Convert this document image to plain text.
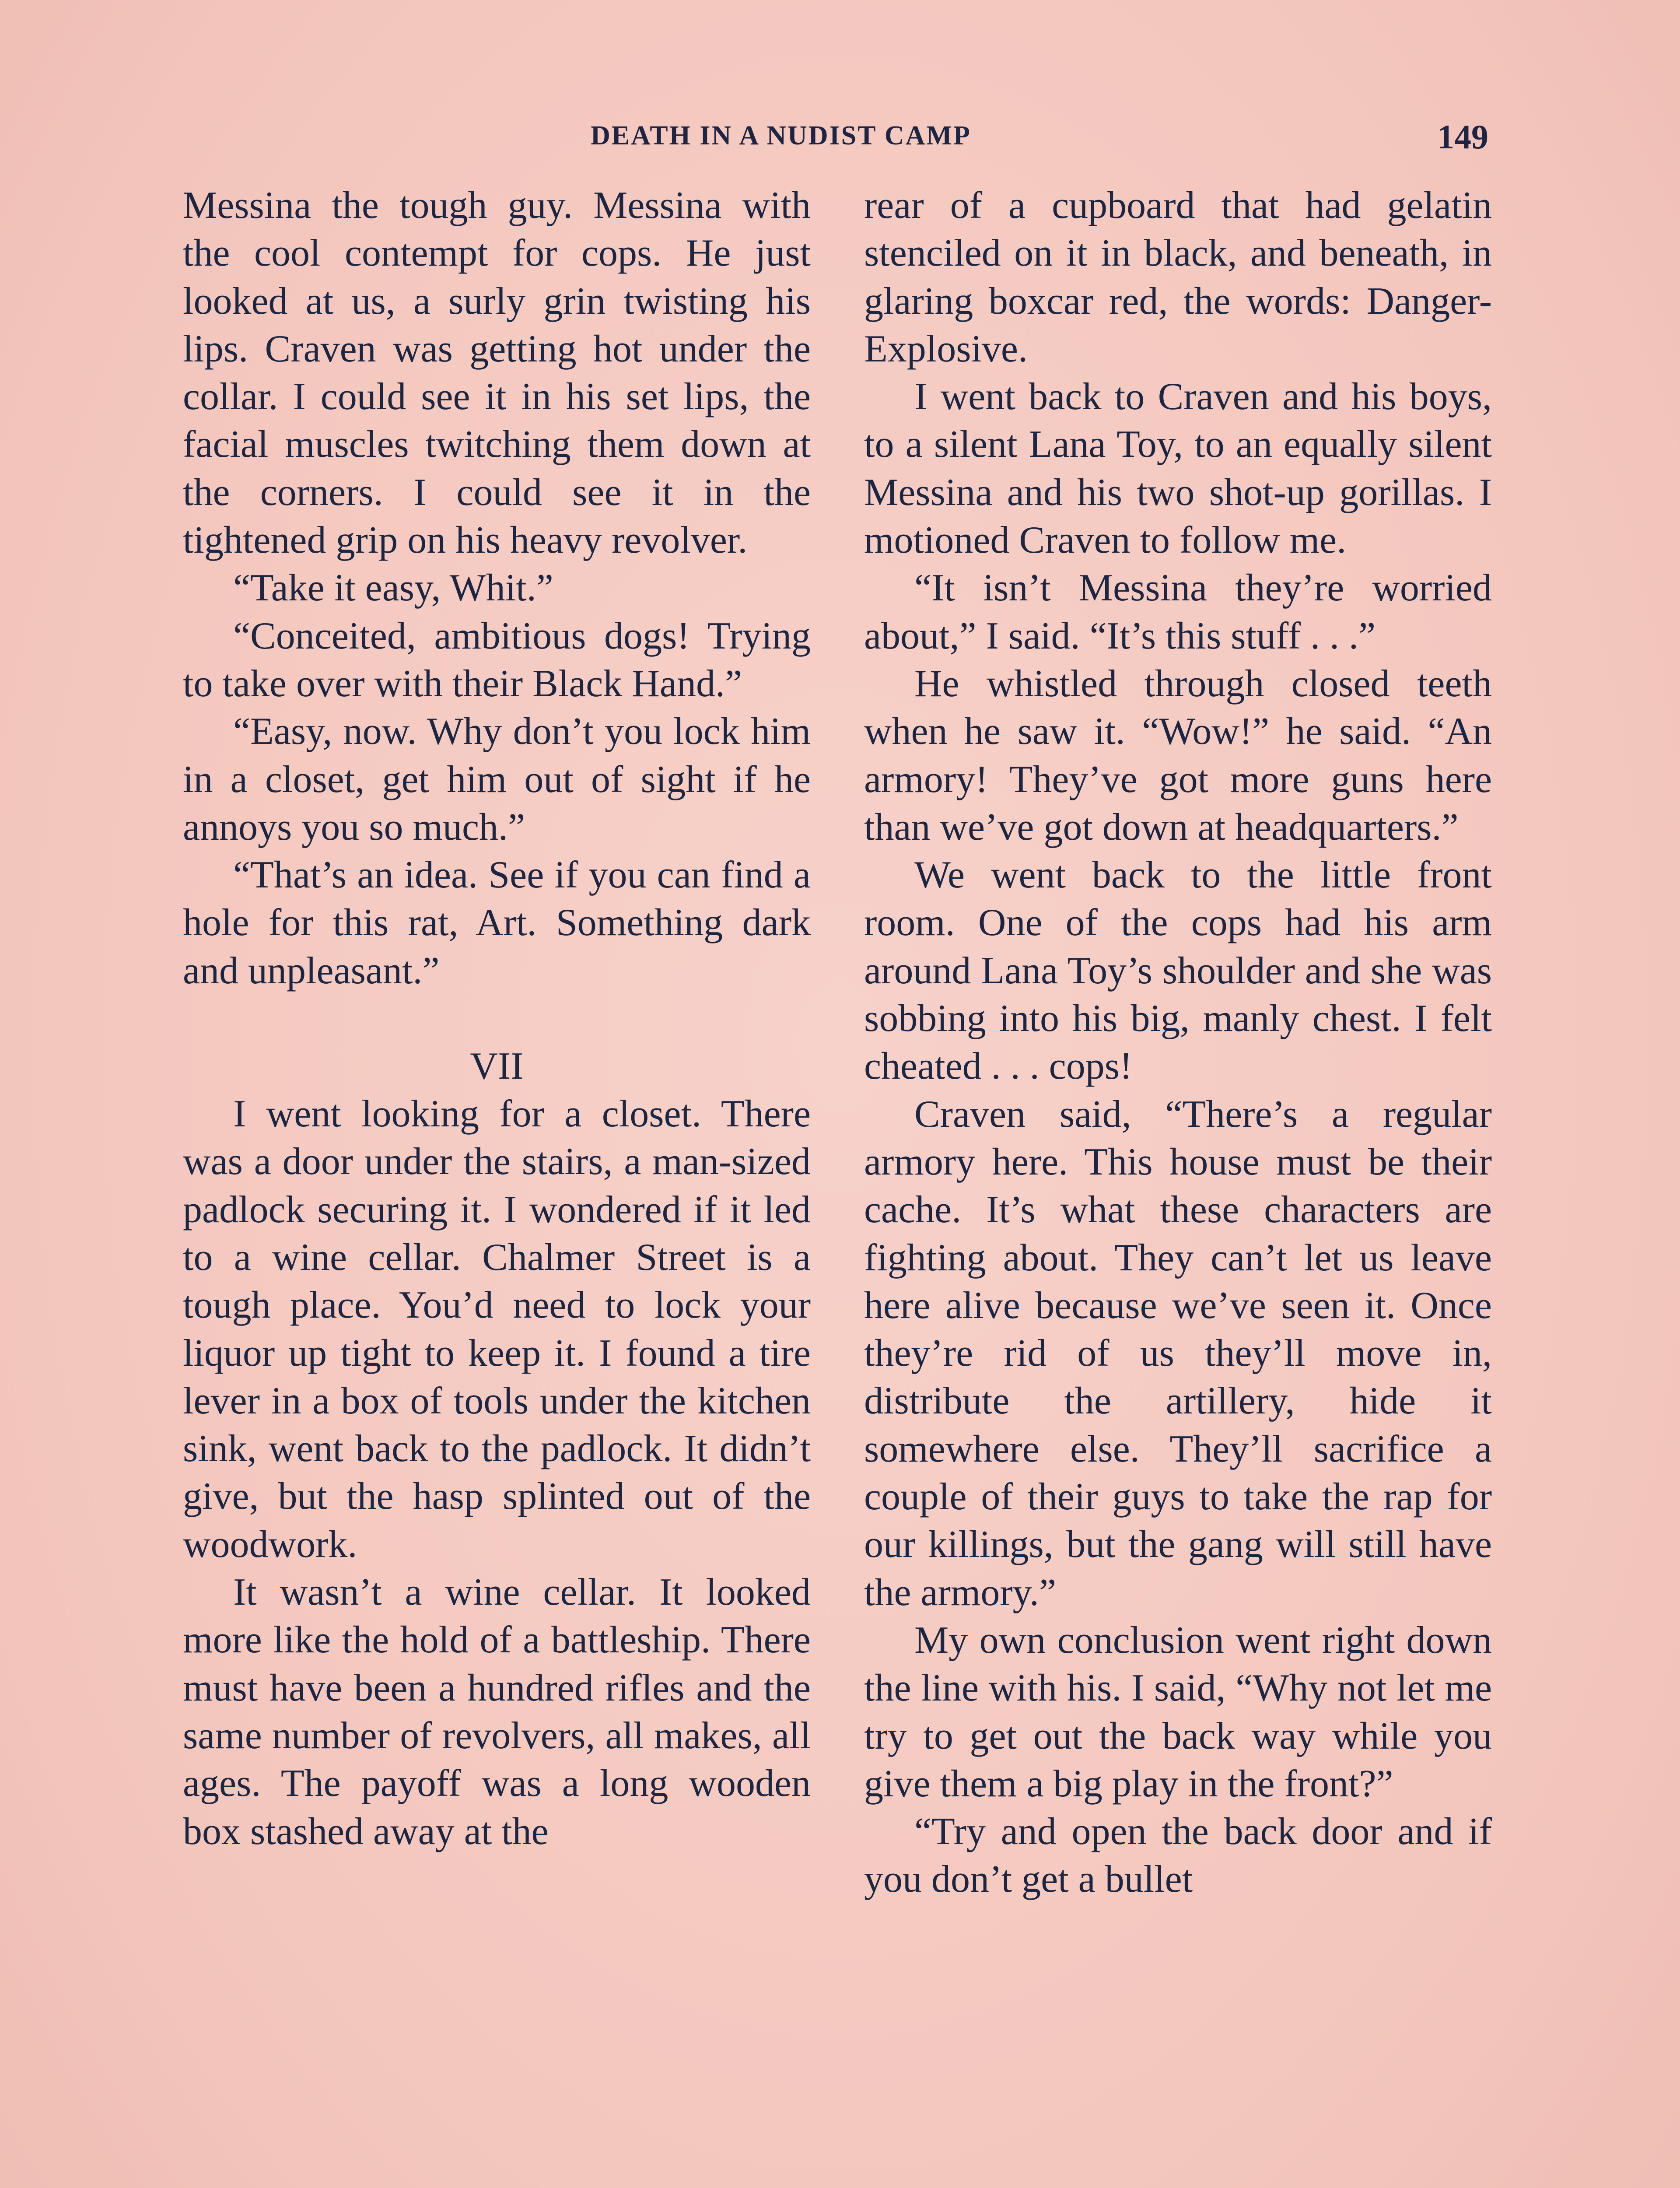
DEATH IN A NUDIST CAMP	149

Messina the tough guy. Messina with the cool contempt for cops. He just looked at us, a surly grin twisting his lips. Craven was getting hot under the collar. I could see it in his set lips, the facial muscles twitching them down at the corners. I could see it in the tightened grip on his heavy revolver.

“Take it easy, Whit.”

“Conceited, ambitious dogs! Trying to take over with their Black Hand.”

“Easy, now. Why don’t you lock him in a closet, get him out of sight if he annoys you so much.”

“That’s an idea. See if you can find a hole for this rat, Art. Something dark and unpleasant.”

VII

I went looking for a closet. There was a door under the stairs, a man-sized padlock securing it. I wondered if it led to a wine cellar. Chalmer Street is a tough place. You’d need to lock your liquor up tight to keep it. I found a tire lever in a box of tools under the kitchen sink, went back to the padlock. It didn’t give, but the hasp splinted out of the woodwork.

It wasn’t a wine cellar. It looked more like the hold of a battleship. There must have been a hundred rifles and the same number of revolvers, all makes, all ages. The payoff was a long wooden box stashed away at the

rear of a cupboard that had gelatin stenciled on it in black, and beneath, in glaring boxcar red, the words: Danger-Explosive.

I went back to Craven and his boys, to a silent Lana Toy, to an equally silent Messina and his two shot-up gorillas. I motioned Craven to follow me.

“It isn’t Messina they’re worried about,” I said. “It’s this stuff . . .”

He whistled through closed teeth when he saw it. “Wow!” he said. “An armory! They’ve got more guns here than we’ve got down at headquarters.”

We went back to the little front room. One of the cops had his arm around Lana Toy’s shoulder and she was sobbing into his big, manly chest. I felt cheated . . . cops!

Craven said, “There’s a regular armory here. This house must be their cache. It’s what these characters are fighting about. They can’t let us leave here alive because we’ve seen it. Once they’re rid of us they’ll move in, distribute the artillery, hide it somewhere else. They’ll sacrifice a couple of their guys to take the rap for our killings, but the gang will still have the armory.”

My own conclusion went right down the line with his. I said, “Why not let me try to get out the back way while you give them a big play in the front?”

“Try and open the back door and if you don’t get a bullet
